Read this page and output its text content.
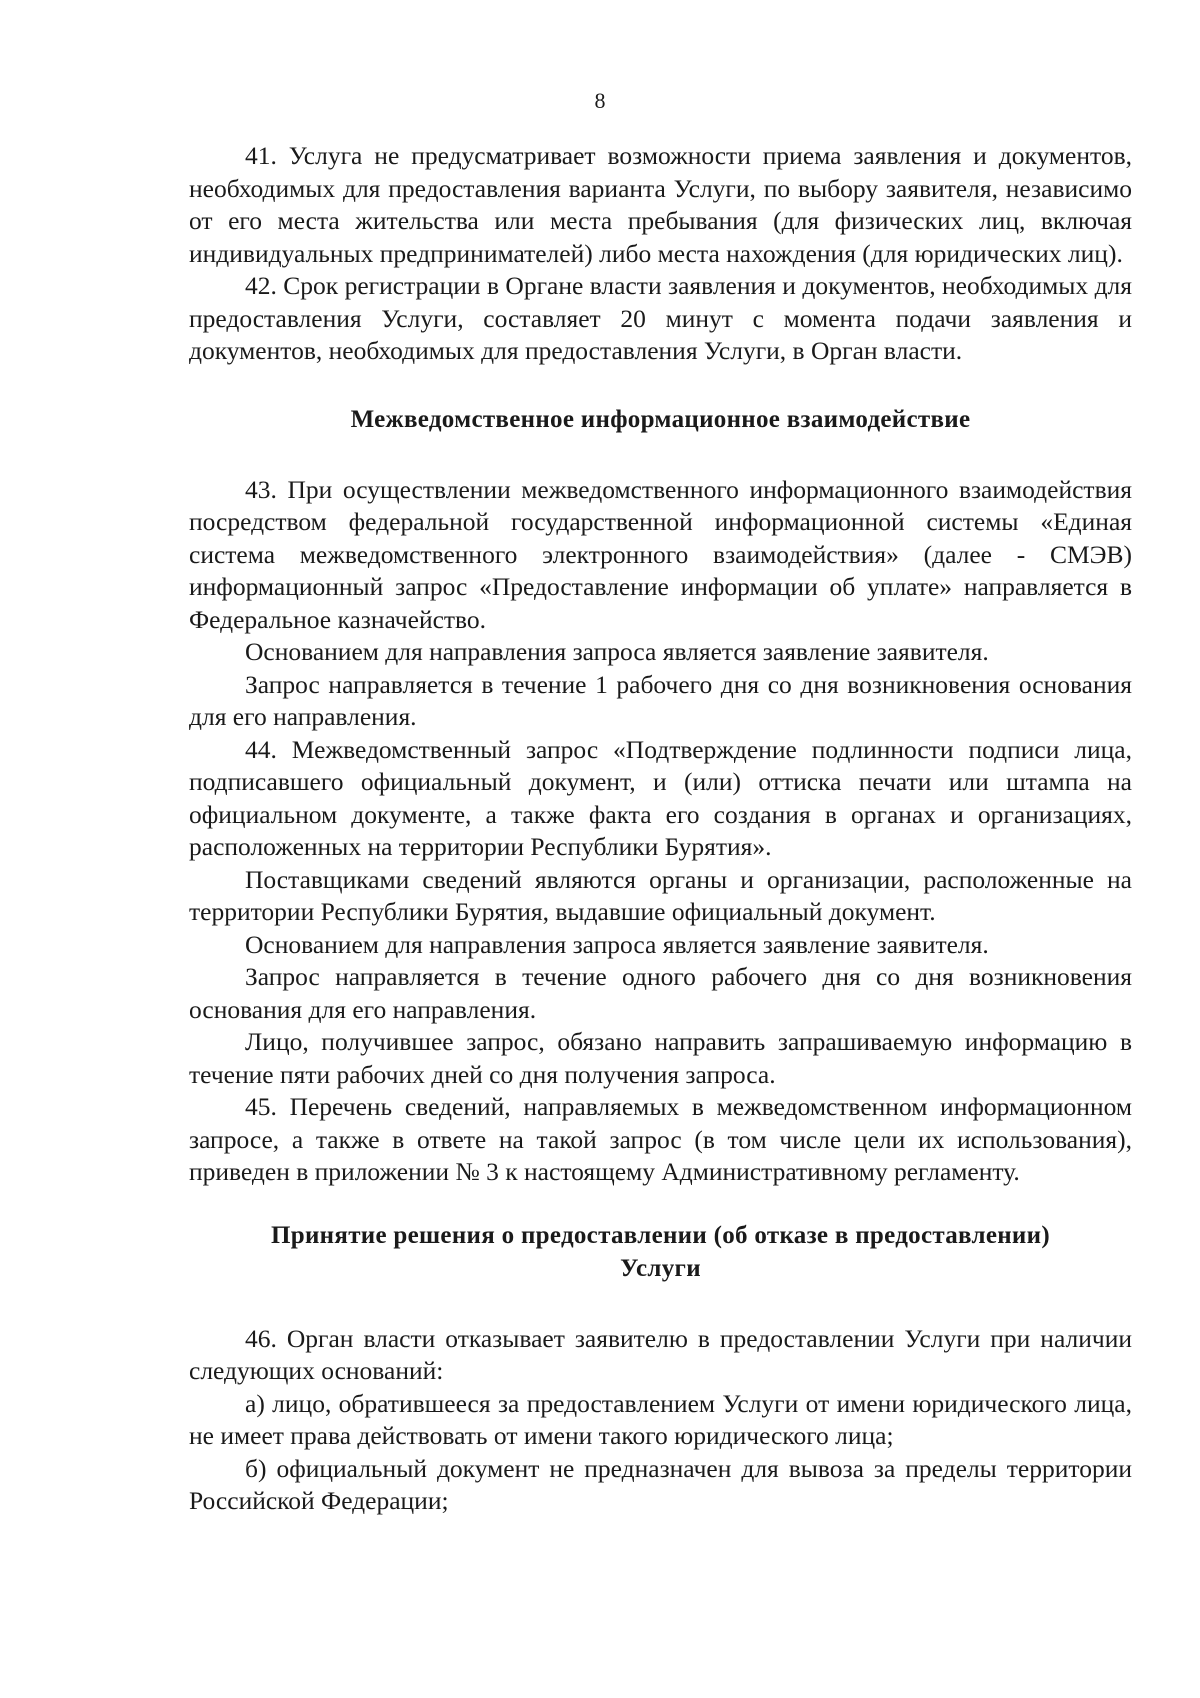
8

41. Услуга не предусматривает возможности приема заявления и документов, необходимых для предоставления варианта Услуги, по выбору заявителя, независимо от его места жительства или места пребывания (для физических лиц, включая индивидуальных предпринимателей) либо места нахождения (для юридических лиц).

42. Срок регистрации в Органе власти заявления и документов, необходимых для предоставления Услуги, составляет 20 минут с момента подачи заявления и документов, необходимых для предоставления Услуги, в Орган власти.

Межведомственное информационное взаимодействие

43. При осуществлении межведомственного информационного взаимодействия посредством федеральной государственной информационной системы «Единая система межведомственного электронного взаимодействия» (далее - СМЭВ) информационный запрос «Предоставление информации об уплате» направляется в Федеральное казначейство.

Основанием для направления запроса является заявление заявителя.

Запрос направляется в течение 1 рабочего дня со дня возникновения основания для его направления.

44. Межведомственный запрос «Подтверждение подлинности подписи лица, подписавшего официальный документ, и (или) оттиска печати или штампа на официальном документе, а также факта его создания в органах и организациях, расположенных на территории Республики Бурятия».

Поставщиками сведений являются органы и организации, расположенные на территории Республики Бурятия, выдавшие официальный документ.

Основанием для направления запроса является заявление заявителя.

Запрос направляется в течение одного рабочего дня со дня возникновения основания для его направления.

Лицо, получившее запрос, обязано направить запрашиваемую информацию в течение пяти рабочих дней со дня получения запроса.

45. Перечень сведений, направляемых в межведомственном информационном запросе, а также в ответе на такой запрос (в том числе цели их использования), приведен в приложении № 3 к настоящему Административному регламенту.

Принятие решения о предоставлении (об отказе в предоставлении)
Услуги

46. Орган власти отказывает заявителю в предоставлении Услуги при наличии следующих оснований:

а) лицо, обратившееся за предоставлением Услуги от имени юридического лица, не имеет права действовать от имени такого юридического лица;

б) официальный документ не предназначен для вывоза за пределы территории Российской Федерации;
